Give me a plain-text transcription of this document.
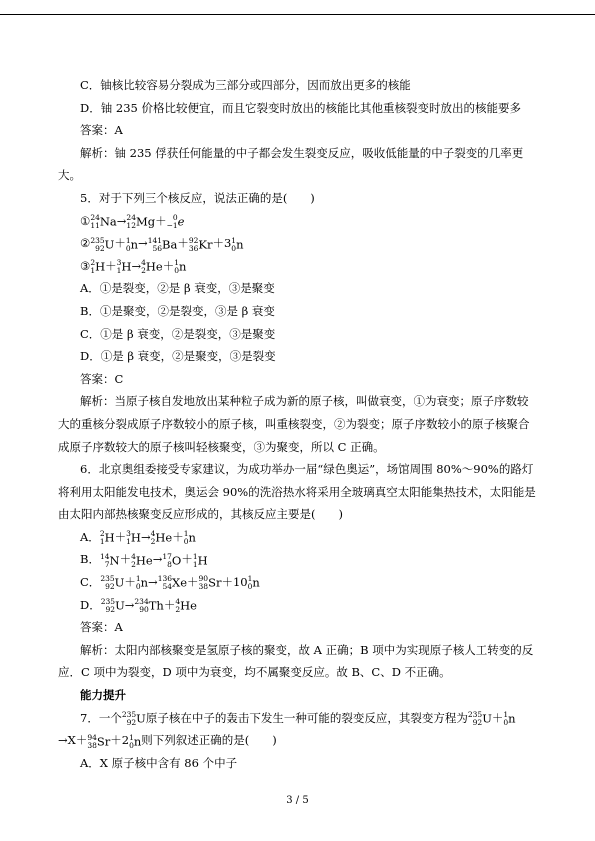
C．铀核比较容易分裂成为三部分或四部分，因而放出更多的核能
D．铀 235 价格比较便宜，而且它裂变时放出的核能比其他重核裂变时放出的核能要多
答案：A
解析：铀 235 俘获任何能量的中子都会发生裂变反应，吸收低能量的中子裂变的几率更
大。
5．对于下列三个核反应，说法正确的是(　　)
① 24
11 Na→ 24
12 Mg＋ 0
−1 e
② 235
92 U＋ 1
0 n→ 141
56 Ba＋ 92
36 Kr＋3 1
0 n
③ 2
1 H＋ 3
1 H→ 4
2 He＋ 1
0 n
A．①是裂变，②是 β 衰变，③是聚变
B．①是聚变，②是裂变，③是 β 衰变
C．①是 β 衰变，②是裂变，③是聚变
D．①是 β 衰变，②是聚变，③是裂变
答案：C
解析：当原子核自发地放出某种粒子成为新的原子核，叫做衰变，①为衰变；原子序数较大的重核分裂成原子序数较小的原子核，叫重核裂变，②为裂变；原子序数较小的原子核聚合成原子序数较大的原子核叫轻核聚变，③为聚变，所以 C 正确。
6．北京奥组委接受专家建议，为成功举办一届“绿色奥运”，场馆周围 80%～90%的路灯将利用太阳能发电技术，奥运会 90%的洗浴热水将采用全玻璃真空太阳能集热技术，太阳能是由太阳内部热核聚变反应形成的，其核反应主要是(　　)
A． 2
1 H＋ 3
1 H→ 4
2 He＋ 1
0 n
B． 14
7 N＋ 4
2 He→ 17
8 O＋ 1
1 H
C． 235
92 U＋ 1
0 n→ 136
54 Xe＋ 90
38 Sr＋10 1
0 n
D． 235
92 U→ 234
90 Th＋ 4
2 He
答案：A
解析：太阳内部核聚变是氢原子核的聚变，故 A 正确；B 项中为实现原子核人工转变的反应．C 项中为裂变，D 项中为衰变，均不属聚变反应。故 B、C、D 不正确。
能力提升
7．一个 235
92 U原子核在中子的轰击下发生一种可能的裂变反应，其裂变方程为 235
92 U＋ 1
0 n
→X＋ 94
38 Sr＋2 1
0 n则下列叙述正确的是(　　)
A．X 原子核中含有 86 个中子
3 / 5
